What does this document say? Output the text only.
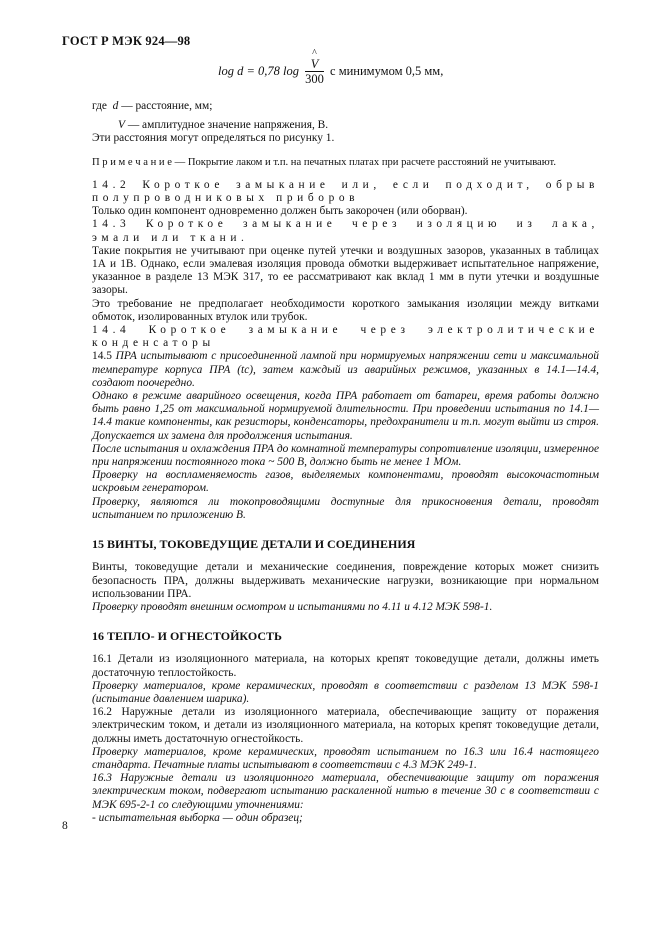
ГОСТ Р МЭК 924—98
log d = 0,78 log ^
V
300 с минимумом 0,5 мм,

где d — расстояние, мм;

V — амплитудное значение напряжения, В.

Эти расстояния могут определяться по рисунку 1.

П р и м е ч а н и е — Покрытие лаком и т.п. на печатных платах при расчете расстояний не учитывают.

14.2 Короткое замыкание или, если подходит, обрыв полупроводниковых приборов

Только один компонент одновременно должен быть закорочен (или оборван).

14.3 Короткое замыкание через изоляцию из лака, эмали или ткани.

Такие покрытия не учитывают при оценке путей утечки и воздушных зазоров, указанных в таблицах 1А и 1В. Однако, если эмалевая изоляция провода обмотки выдерживает испытательное напряжение, указанное в разделе 13 МЭК 317, то ее рассматривают как вклад 1 мм в пути утечки и воздушные зазоры.

Это требование не предполагает необходимости короткого замыкания изоляции между витками обмоток, изолированных втулок или трубок.

14.4 Короткое замыкание через электролитические конденсаторы

14.5 ПРА испытывают с присоединенной лампой при нормируемых напряжении сети и максимальной температуре корпуса ПРА (tc), затем каждый из аварийных режимов, указанных в 14.1—14.4, создают поочередно.

Однако в режиме аварийного освещения, когда ПРА работает от батареи, время работы должно быть равно 1,25 от максимальной нормируемой длительности. При проведении испытания по 14.1—14.4 такие компоненты, как резисторы, конденсаторы, предохранители и т.п. могут выйти из строя. Допускается их замена для продолжения испытания.

После испытания и охлаждения ПРА до комнатной температуры сопротивление изоляции, измеренное при напряжении постоянного тока ~ 500 В, должно быть не менее 1 МОм.

Проверку на воспламеняемость газов, выделяемых компонентами, проводят высокочастотным искровым генератором.

Проверку, являются ли токопроводящими доступные для прикосновения детали, проводят испытанием по приложению В.

15 ВИНТЫ, ТОКОВЕДУЩИЕ ДЕТАЛИ И СОЕДИНЕНИЯ

Винты, токоведущие детали и механические соединения, повреждение которых может снизить безопасность ПРА, должны выдерживать механические нагрузки, возникающие при нормальном использовании ПРА.

Проверку проводят внешним осмотром и испытаниями по 4.11 и 4.12 МЭК 598-1.

16 ТЕПЛО- И ОГНЕСТОЙКОСТЬ

16.1 Детали из изоляционного материала, на которых крепят токоведущие детали, должны иметь достаточную теплостойкость.

Проверку материалов, кроме керамических, проводят в соответствии с разделом 13 МЭК 598-1 (испытание давлением шарика).

16.2 Наружные детали из изоляционного материала, обеспечивающие защиту от поражения электрическим током, и детали из изоляционного материала, на которых крепят токоведущие детали, должны иметь достаточную огнестойкость.

Проверку материалов, кроме керамических, проводят испытанием по 16.3 или 16.4 настоящего стандарта. Печатные платы испытывают в соответствии с 4.3 МЭК 249-1.

16.3 Наружные детали из изоляционного материала, обеспечивающие защиту от поражения электрическим током, подвергают испытанию раскаленной нитью в течение 30 с в соответствии с МЭК 695-2-1 со следующими уточнениями:

- испытательная выборка — один образец;

8
